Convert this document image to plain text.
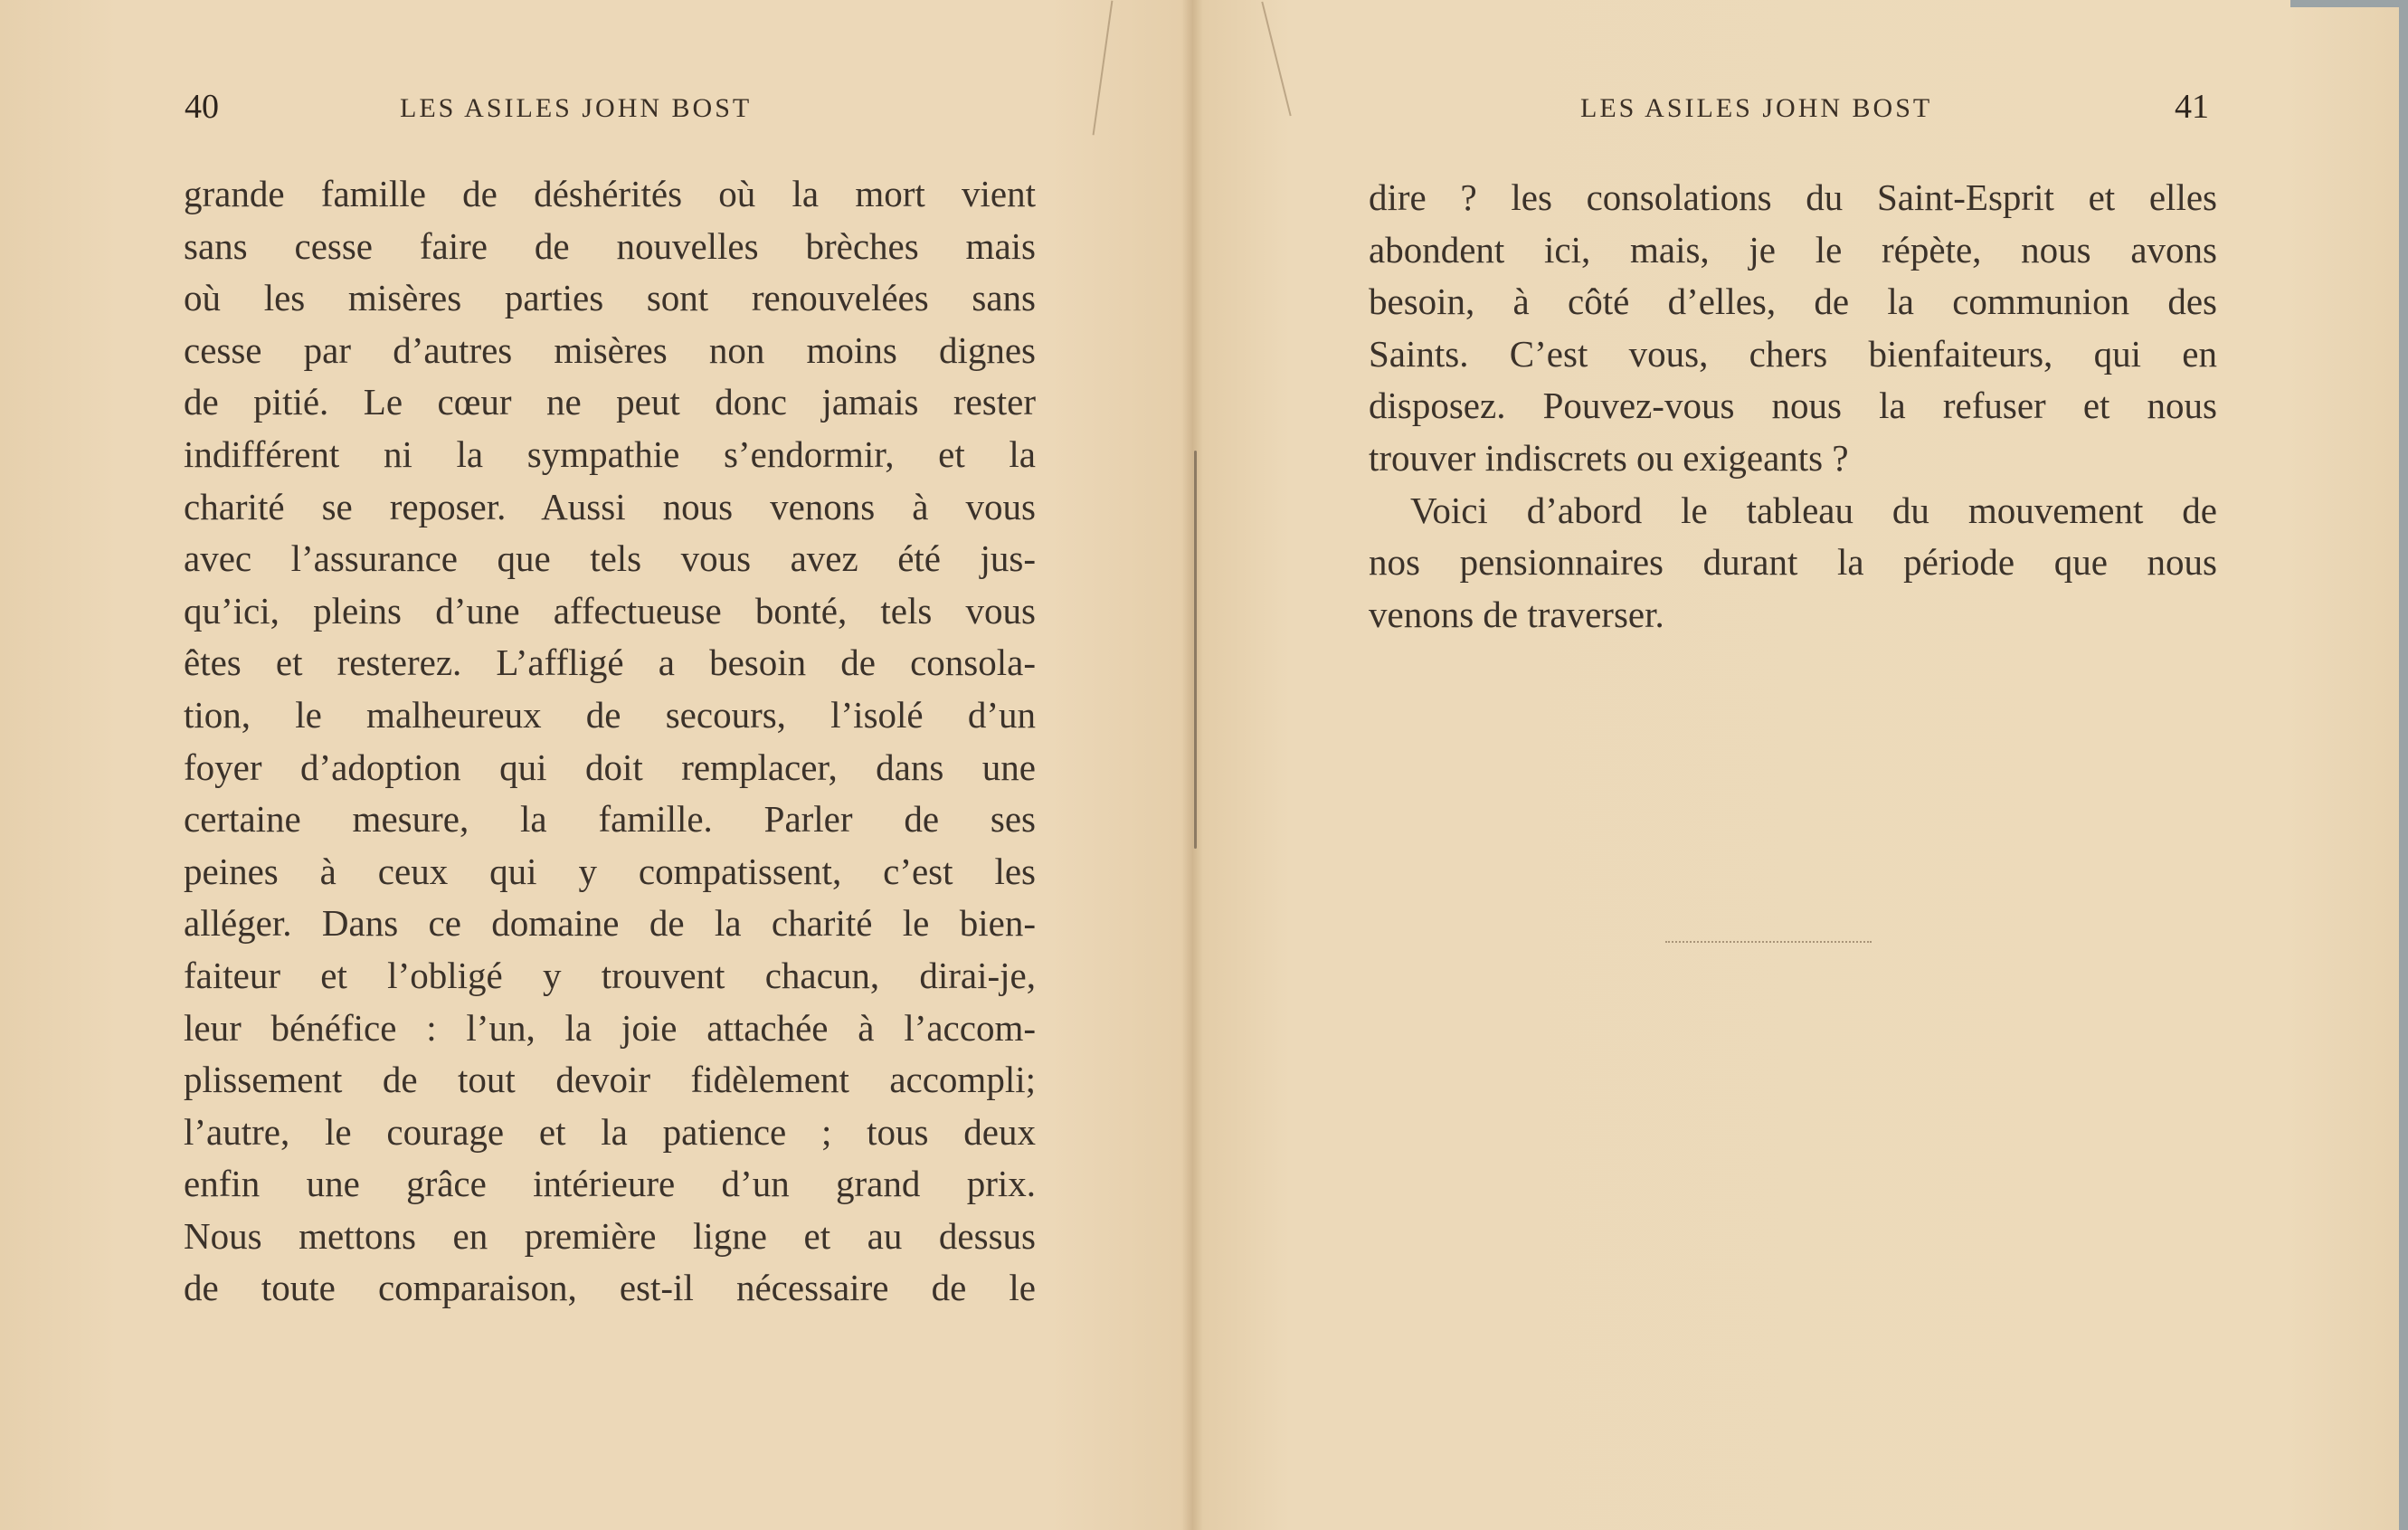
40	LES ASILES JOHN BOST
grande famille de déshérités où la mort vient
sans cesse faire de nouvelles brèches mais
où les misères parties sont renouvelées sans
cesse par d’autres misères non moins dignes
de pitié. Le cœur ne peut donc jamais rester
indifférent ni la sympathie s’endormir, et la
charité se reposer. Aussi nous venons à vous
avec l’assurance que tels vous avez été jus-
qu’ici, pleins d’une affectueuse bonté, tels vous
êtes et resterez. L’affligé a besoin de consola-
tion, le malheureux de secours, l’isolé d’un
foyer d’adoption qui doit remplacer, dans une
certaine mesure, la famille. Parler de ses
peines à ceux qui y compatissent, c’est les
alléger. Dans ce domaine de la charité le bien-
faiteur et l’obligé y trouvent chacun, dirai-je,
leur bénéfice : l’un, la joie attachée à l’accom-
plissement de tout devoir fidèlement accompli;
l’autre, le courage et la patience ; tous deux
enfin une grâce intérieure d’un grand prix.
Nous mettons en première ligne et au dessus
de toute comparaison, est-il nécessaire de le
LES ASILES JOHN BOST	41
dire ? les consolations du Saint-Esprit et elles
abondent ici, mais, je le répète, nous avons
besoin, à côté d’elles, de la communion des
Saints. C’est vous, chers bienfaiteurs, qui en
disposez. Pouvez-vous nous la refuser et nous
trouver indiscrets ou exigeants ?
Voici d’abord le tableau du mouvement de
nos pensionnaires durant la période que nous
venons de traverser.
